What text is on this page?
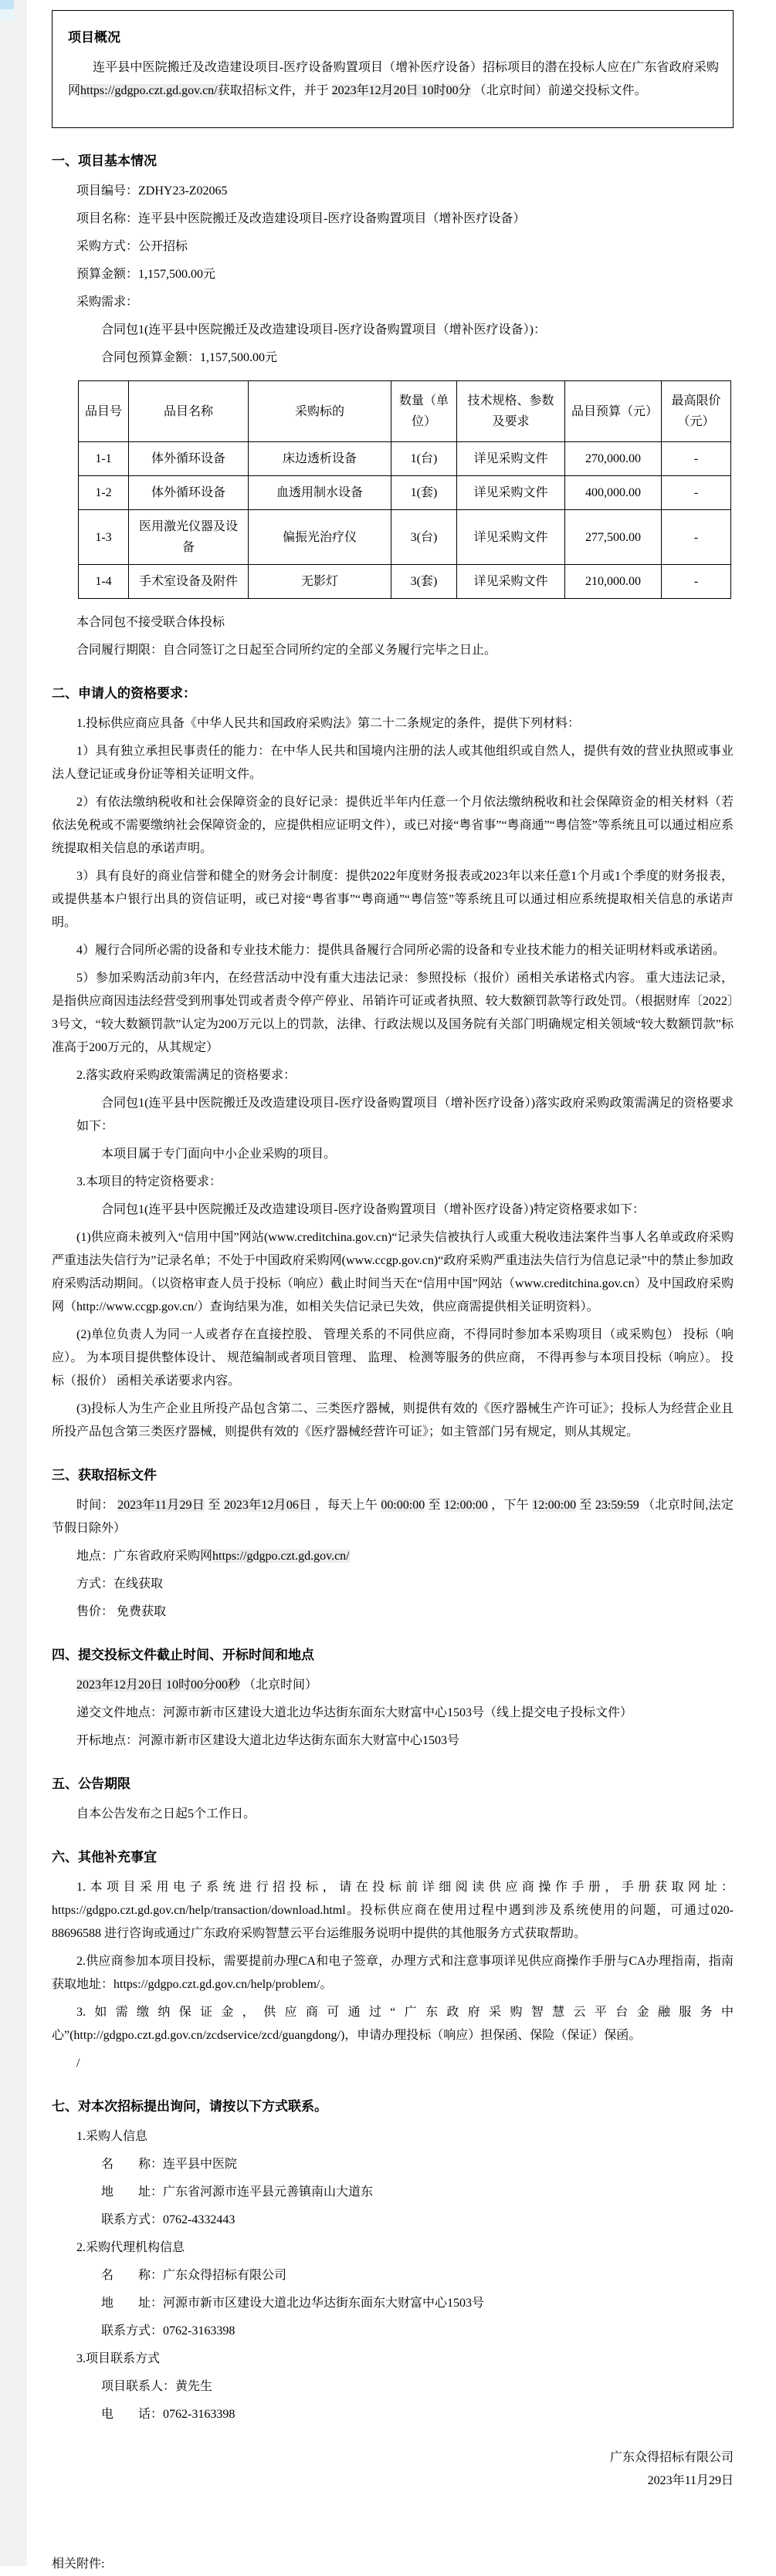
项目概况

连平县中医院搬迁及改造建设项目-医疗设备购置项目（增补医疗设备）招标项目的潜在投标人应在广东省政府采购网https://gdgpo.czt.gd.gov.cn/获取招标文件，并于 2023年12月20日 10时00分 （北京时间）前递交投标文件。

一、项目基本情况

项目编号：ZDHY23-Z02065

项目名称：连平县中医院搬迁及改造建设项目-医疗设备购置项目（增补医疗设备）

采购方式：公开招标

预算金额：1,157,500.00元

采购需求：

合同包1(连平县中医院搬迁及改造建设项目-医疗设备购置项目（增补医疗设备）)：

合同包预算金额：1,157,500.00元

品目号	品目名称	采购标的	数量（单位）	技术规格、参数及要求	品目预算（元）	最高限价（元）
1-1	体外循环设备	床边透析设备	1(台)	详见采购文件	270,000.00	-
1-2	体外循环设备	血透用制水设备	1(套)	详见采购文件	400,000.00	-
1-3	医用激光仪器及设备	偏振光治疗仪	3(台)	详见采购文件	277,500.00	-
1-4	手术室设备及附件	无影灯	3(套)	详见采购文件	210,000.00	-

本合同包不接受联合体投标

合同履行期限：自合同签订之日起至合同所约定的全部义务履行完毕之日止。

二、申请人的资格要求：

1.投标供应商应具备《中华人民共和国政府采购法》第二十二条规定的条件，提供下列材料：

1）具有独立承担民事责任的能力：在中华人民共和国境内注册的法人或其他组织或自然人，提供有效的营业执照或事业法人登记证或身份证等相关证明文件。

2）有依法缴纳税收和社会保障资金的良好记录：提供近半年内任意一个月依法缴纳税收和社会保障资金的相关材料（若依法免税或不需要缴纳社会保障资金的，应提供相应证明文件），或已对接“粤省事”“粤商通”“粤信签”等系统且可以通过相应系统提取相关信息的承诺声明。

3）具有良好的商业信誉和健全的财务会计制度：提供2022年度财务报表或2023年以来任意1个月或1个季度的财务报表，或提供基本户银行出具的资信证明，或已对接“粤省事”“粤商通”“粤信签”等系统且可以通过相应系统提取相关信息的承诺声明。

4）履行合同所必需的设备和专业技术能力：提供具备履行合同所必需的设备和专业技术能力的相关证明材料或承诺函。

5）参加采购活动前3年内，在经营活动中没有重大违法记录：参照投标（报价）函相关承诺格式内容。 重大违法记录，是指供应商因违法经营受到刑事处罚或者责令停产停业、吊销许可证或者执照、较大数额罚款等行政处罚。（根据财库〔2022〕3号文，“较大数额罚款”认定为200万元以上的罚款，法律、行政法规以及国务院有关部门明确规定相关领域“较大数额罚款”标准高于200万元的，从其规定）

2.落实政府采购政策需满足的资格要求：

合同包1(连平县中医院搬迁及改造建设项目-医疗设备购置项目（增补医疗设备）)落实政府采购政策需满足的资格要求如下：

本项目属于专门面向中小企业采购的项目。

3.本项目的特定资格要求：

合同包1(连平县中医院搬迁及改造建设项目-医疗设备购置项目（增补医疗设备）)特定资格要求如下：

(1)供应商未被列入“信用中国”网站(www.creditchina.gov.cn)“记录失信被执行人或重大税收违法案件当事人名单或政府采购严重违法失信行为”记录名单；不处于中国政府采购网(www.ccgp.gov.cn)“政府采购严重违法失信行为信息记录”中的禁止参加政府采购活动期间。（以资格审查人员于投标（响应）截止时间当天在“信用中国”网站（www.creditchina.gov.cn）及中国政府采购网（http://www.ccgp.gov.cn/）查询结果为准，如相关失信记录已失效，供应商需提供相关证明资料）。

(2)单位负责人为同一人或者存在直接控股、 管理关系的不同供应商，不得同时参加本采购项目（或采购包） 投标（响应）。 为本项目提供整体设计、 规范编制或者项目管理、 监理、 检测等服务的供应商， 不得再参与本项目投标（响应）。 投标（报价） 函相关承诺要求内容。

(3)投标人为生产企业且所投产品包含第二、三类医疗器械，则提供有效的《医疗器械生产许可证》；投标人为经营企业且所投产品包含第三类医疗器械，则提供有效的《医疗器械经营许可证》；如主管部门另有规定，则从其规定。

三、获取招标文件

时间： 2023年11月29日 至 2023年12月06日 ，每天上午 00:00:00 至 12:00:00 ，下午 12:00:00 至 23:59:59 （北京时间,法定节假日除外）

地点：广东省政府采购网https://gdgpo.czt.gd.gov.cn/

方式：在线获取

售价： 免费获取

四、提交投标文件截止时间、开标时间和地点

2023年12月20日 10时00分00秒 （北京时间）

递交文件地点：河源市新市区建设大道北边华达街东面东大财富中心1503号（线上提交电子投标文件）

开标地点：河源市新市区建设大道北边华达街东面东大财富中心1503号

五、公告期限

自本公告发布之日起5个工作日。

六、其他补充事宜

1.本项目采用电子系统进行招投标，请在投标前详细阅读供应商操作手册，手册获取网址：https://gdgpo.czt.gd.gov.cn/help/transaction/download.html。投标供应商在使用过程中遇到涉及系统使用的问题，可通过020-88696588 进行咨询或通过广东政府采购智慧云平台运维服务说明中提供的其他服务方式获取帮助。

2.供应商参加本项目投标，需要提前办理CA和电子签章，办理方式和注意事项详见供应商操作手册与CA办理指南，指南获取地址：https://gdgpo.czt.gd.gov.cn/help/problem/。

3.如需缴纳保证金，供应商可通过“广东政府采购智慧云平台金融服务中心”(http://gdgpo.czt.gd.gov.cn/zcdservice/zcd/guangdong/)，申请办理投标（响应）担保函、保险（保证）保函。

/

七、对本次招标提出询问，请按以下方式联系。

1.采购人信息

名　　称：连平县中医院

地　　址：广东省河源市连平县元善镇南山大道东

联系方式：0762-4332443

2.采购代理机构信息

名　　称：广东众得招标有限公司

地　　址：河源市新市区建设大道北边华达街东面东大财富中心1503号

联系方式：0762-3163398

3.项目联系方式

项目联系人：黄先生

电　　话：0762-3163398

广东众得招标有限公司

2023年11月29日

相关附件:
